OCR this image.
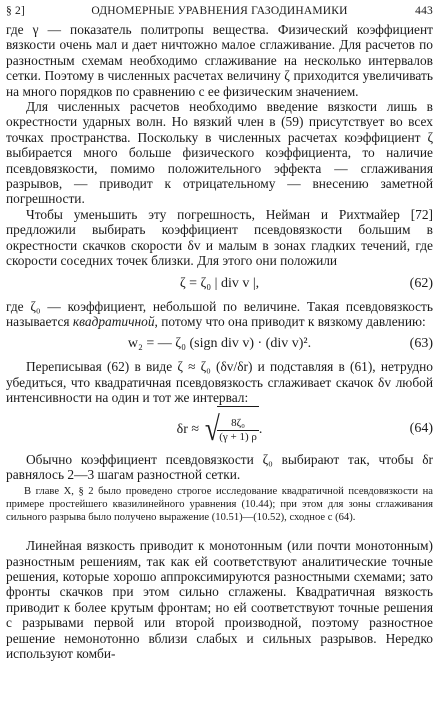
§ 2]	ОДНОМЕРНЫЕ УРАВНЕНИЯ ГАЗОДИНАМИКИ	443

где γ — показатель политропы вещества. Физический коэффициент вязкости очень мал и дает ничтожно малое сглаживание. Для расчетов по разностным схемам необходимо сглаживание на несколько интервалов сетки. Поэтому в численных расчетах величину ζ приходится увеличивать на много порядков по сравнению с ее физическим значением.

Для численных расчетов необходимо введение вязкости лишь в окрестности ударных волн. Но вязкий член в (59) присутствует во всех точках пространства. Поскольку в численных расчетах коэффициент ζ выбирается много больше физического коэффициента, то наличие псевдовязкости, помимо положительного эффекта — сглаживания разрывов, — приводит к отрицательному — внесению заметной погрешности.

Чтобы уменьшить эту погрешность, Нейман и Рихтмайер [72] предложили выбирать коэффициент псевдовязкости большим в окрестности скачков скорости δv и малым в зонах гладких течений, где скорости соседних точек близки. Для этого они положили

ζ = ζ₀ | div v |,	(62)

где ζ₀ — коэффициент, небольшой по величине. Такая псевдовязкость называется квадратичной, потому что она приводит к вязкому давлению:

w₂ = — ζ₀ (sign div v) · (div v)².	(63)

Переписывая (62) в виде ζ ≈ ζ₀ (δv/δr) и подставляя в (61), нетрудно убедиться, что квадратичная псевдовязкость сглаживает скачок δv любой интенсивности на один и тот же интервал:

δr ≈ √
$\frac{\text{8ζ₀}}{(\gamma + 1) \rho}$ .	(64)

Обычно коэффициент псевдовязкости ζ₀ выбирают так, чтобы δr равнялось 2—3 шагам разностной сетки.

В главе X, § 2 было проведено строгое исследование квадратичной псевдовязкости на примере простейшего квазилинейного уравнения (10.44); при этом для зоны сглаживания сильного разрыва было получено выражение (10.51)—(10.52), сходное с (64).

Линейная вязкость приводит к монотонным (или почти монотонным) разностным решениям, так как ей соответствуют аналитические точные решения, которые хорошо аппроксимируются разностными схемами; зато фронты скачков при этом сильно сглажены. Квадратичная вязкость приводит к более крутым фронтам; но ей соответствуют точные решения с разрывами первой или второй производной, поэтому разностное решение немонотонно вблизи слабых и сильных разрывов. Нередко используют комби-
